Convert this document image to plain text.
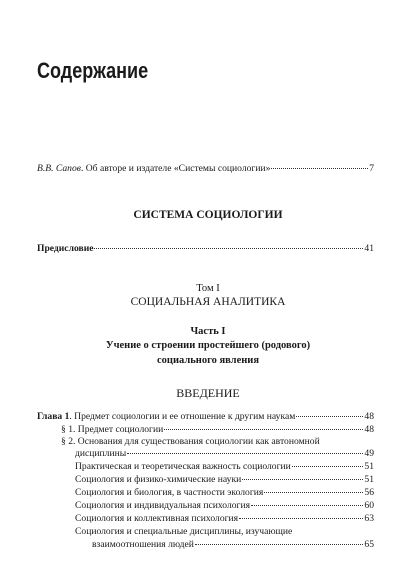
Содержание
В.В. Сапов. Об авторе и издателе «Системы социологии»	7
СИСТЕМА СОЦИОЛОГИИ
Предисловие	41
Том I
СОЦИАЛЬНАЯ АНАЛИТИКА
Часть I
Учение о строении простейшего (родового)
социального явления
ВВЕДЕНИЕ
Глава 1. Предмет социологии и ее отношение к другим наукам	48
§ 1. Предмет социологии	48
§ 2. Основания для существования социологии как автономной
дисциплины	49
Практическая и теоретическая важность социологии	51
Социология и физико-химические науки	51
Социология и биология, в частности экология	56
Социология и индивидуальная психология	60
Социология и коллективная психология	63
Социология и специальные дисциплины, изучающие
взаимоотношения людей	65
